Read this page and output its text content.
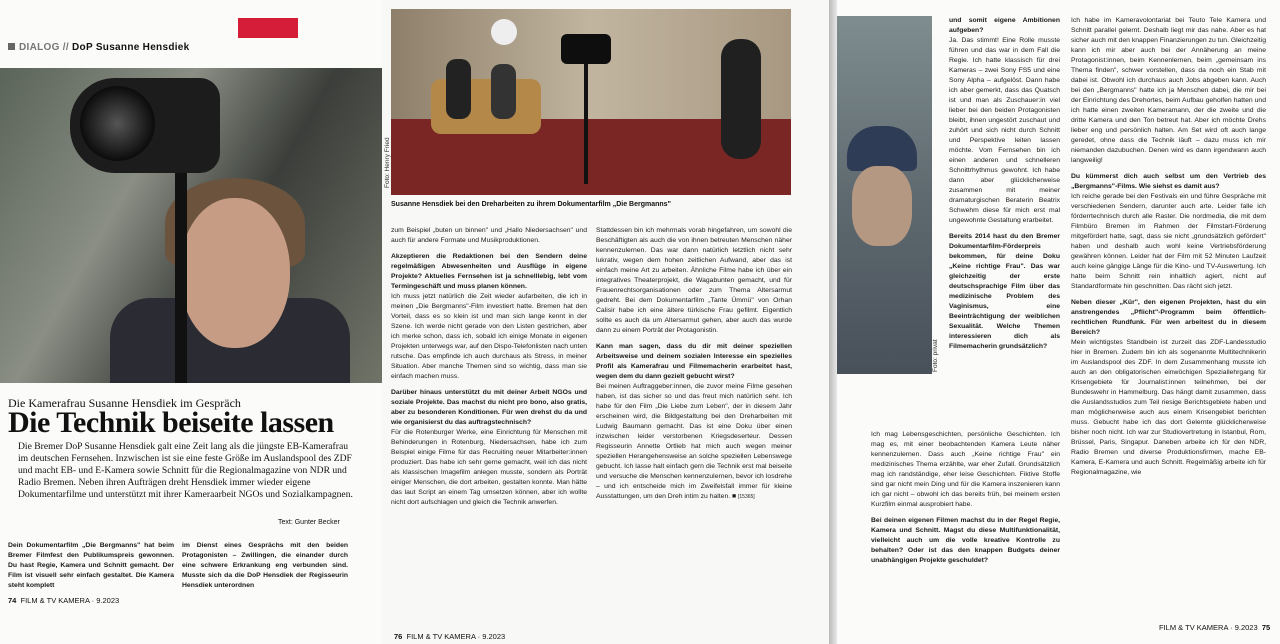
DIALOG // DoP Susanne Hensdiek
Die Kamerafrau Susanne Hensdiek im Gespräch
Die Technik beiseite lassen
Die Bremer DoP Susanne Hensdiek galt eine Zeit lang als die jüngste EB-Kamerafrau im deutschen Fernsehen. Inzwischen ist sie eine feste Größe im Auslandspool des ZDF und macht EB- und E-Kamera sowie Schnitt für die Regionalmagazine von NDR und Radio Bremen. Neben ihren Aufträgen dreht Hensdiek immer wieder eigene Dokumentarfilme und unterstützt mit ihrer Kameraarbeit NGOs und Sozialkampagnen.
Text: Gunter Becker
Dein Dokumentarfilm „Die Bergmanns" hat beim Bremer Filmfest den Publikumspreis gewonnen. Du hast Regie, Kamera und Schnitt gemacht. Der Film ist visuell sehr einfach gestaltet. Die Kamera steht komplett
im Dienst eines Gesprächs mit den beiden Protagonisten – Zwillingen, die einander durch eine schwere Erkrankung eng verbunden sind. Musste sich da die DoP Hensdiek der Regisseurin Hensdiek unterordnen
74 FILM & TV KAMERA · 9.2023
Foto: Henry Fried
Susanne Hensdiek bei den Dreharbeiten zu ihrem Dokumentarfilm „Die Bergmanns"
zum Beispiel „buten un binnen" und „Hallo Niedersachsen" und auch für andere Formate und Musikproduktionen.
Akzeptieren die Redaktionen bei den Sendern deine regelmäßigen Abwesenheiten und Ausflüge in eigene Projekte? Aktuelles Fernsehen ist ja schnelllebig, lebt vom Termingeschäft und muss planen können.
Ich muss jetzt natürlich die Zeit wieder aufarbeiten, die ich in meinen „Die Bergmanns"-Film investiert hatte. Bremen hat den Vorteil, dass es so klein ist und man sich lange kennt in der Szene. Ich werde nicht gerade von den Listen gestrichen, aber ich merke schon, dass ich, sobald ich einige Monate in eigenen Projekten unterwegs war, auf den Dispo-Telefonlisten nach unten rutsche. Das empfinde ich auch durchaus als Stress, in meiner Situation. Aber manche Themen sind so wichtig, dass man sie einfach machen muss.
Darüber hinaus unterstützt du mit deiner Arbeit NGOs und soziale Projekte. Das machst du nicht pro bono, also gratis, aber zu besonderen Konditionen. Für wen drehst du da und wie organisierst du das auftragstechnisch?
Für die Rotenburger Werke, eine Einrichtung für Menschen mit Behinderungen in Rotenburg, Niedersachsen, habe ich zum Beispiel einige Filme für das Recruiting neuer Mitarbeiter:innen produziert. Das habe ich sehr gerne gemacht, weil ich das nicht als klassischen Imagefilm anlegen musste, sondern als Porträt einiger Menschen, die dort arbeiten, gestalten konnte. Man hätte das laut Script an einem Tag umsetzen können, aber ich wollte nicht dort aufschlagen und gleich die Technik anwerfen.
Stattdessen bin ich mehrmals vorab hingefahren, um sowohl die Beschäftigten als auch die von ihnen betreuten Menschen näher kennenzulernen. Das war dann natürlich letztlich nicht sehr lukrativ, wegen dem hohen zeitlichen Aufwand, aber das ist einfach meine Art zu arbeiten. Ähnliche Filme habe ich über ein integratives Theaterprojekt, die Wagabunten gemacht, und für Frauenrechtsorganisationen oder zum Thema Altersarmut gedreht. Bei dem Dokumentarfilm „Tante Ümmü" von Orhan Calisir habe ich eine ältere türkische Frau gefilmt. Eigentlich sollte es auch da um Altersarmut gehen, aber auch das wurde dann zu einem Porträt der Protagonistin.
Kann man sagen, dass du dir mit deiner speziellen Arbeitsweise und deinem sozialen Interesse ein spezielles Profil als Kamerafrau und Filmemacherin erarbeitet hast, wegen dem du dann gezielt gebucht wirst?
Bei meinen Auftraggeber:innen, die zuvor meine Filme gesehen haben, ist das sicher so und das freut mich natürlich sehr. Ich habe für den Film „Die Liebe zum Leben", der in diesem Jahr erscheinen wird, die Bildgestaltung bei den Dreharbeiten mit Ludwig Baumann gemacht. Das ist eine Doku über einen inzwischen leider verstorbenen Kriegsdeserteur. Dessen Regisseurin Annette Ortlieb hat mich auch wegen meiner speziellen Herangehensweise an solche speziellen Lebenswege gebucht. Ich lasse halt einfach gern die Technik erst mal beiseite und versuche die Menschen kennenzulernen, bevor ich losdrehe – und ich entscheide mich im Zweifelsfall immer für kleine Ausstattungen, um den Dreh intim zu halten. ■ [15365]
76 FILM & TV KAMERA · 9.2023
Foto: privat
und somit eigene Ambitionen aufgeben?
Ja. Das stimmt! Eine Rolle musste führen und das war in dem Fall die Regie. Ich hatte klassisch für drei Kameras – zwei Sony FS5 und eine Sony Alpha – aufgelöst. Dann habe ich aber gemerkt, dass das Quatsch ist und man als Zuschauer:in viel lieber bei den beiden Protagonisten bleibt, ihnen ungestört zuschaut und zuhört und sich nicht durch Schnitt und Perspektive leiten lassen möchte. Vom Fernsehen bin ich einen anderen und schnelleren Schnittrhythmus gewohnt. Ich habe dann aber glücklicherweise zusammen mit meiner dramaturgischen Beraterin Beatrix Schwehm diese für mich erst mal ungewohnte Gestaltung erarbeitet.
Bereits 2014 hast du den Bremer Dokumentarfilm-Förderpreis bekommen, für deine Doku „Keine richtige Frau". Das war gleichzeitig der erste deutschsprachige Film über das medizinische Problem des Vaginismus, eine Beeinträchtigung der weiblichen Sexualität. Welche Themen interessieren dich als Filmemacherin grundsätzlich?
Ich mag Lebensgeschichten, persönliche Geschichten. Ich mag es, mit einer beobachtenden Kamera Leute näher kennenzulernen. Dass auch „Keine richtige Frau" ein medizinisches Thema erzählte, war eher Zufall. Grundsätzlich mag ich randständige, eher leise Geschichten. Fiktive Stoffe sind gar nicht mein Ding und für die Kamera inszenieren kann ich gar nicht – obwohl ich das bereits früh, bei meinem ersten Kurzfilm einmal ausprobiert habe.
Bei deinen eigenen Filmen machst du in der Regel Regie, Kamera und Schnitt. Magst du diese Multifunktionalität, vielleicht auch um die volle kreative Kontrolle zu behalten? Oder ist das den knappen Budgets deiner unabhängigen Projekte geschuldet?
Ich habe im Kameravolontariat bei Teuto Tele Kamera und Schnitt parallel gelernt. Deshalb liegt mir das nahe. Aber es hat sicher auch mit den knappen Finanzierungen zu tun. Gleichzeitig kann ich mir aber auch bei der Annäherung an meine Protagonist:innen, beim Kennenlernen, beim „gemeinsam ins Thema finden", schwer vorstellen, dass da noch ein Stab mit dabei ist. Obwohl ich durchaus auch Jobs abgeben kann. Auch bei den „Bergmanns" hatte ich ja Menschen dabei, die mir bei der Einrichtung des Drehortes, beim Aufbau geholfen hatten und ich hatte einen zweiten Kameramann, der die zweite und die dritte Kamera und den Ton betreut hat. Aber ich möchte Drehs lieber eng und persönlich halten. Am Set wird oft auch lange geredet, ohne dass die Technik läuft – dazu muss ich mir niemanden dazubuchen. Denen wird es dann irgendwann auch langweilig!
Du kümmerst dich auch selbst um den Vertrieb des „Bergmanns"-Films. Wie siehst es damit aus?
Ich reiche gerade bei den Festivals ein und führe Gespräche mit verschiedenen Sendern, darunter auch arte. Leider falle ich förderrtechnisch durch alle Raster. Die nordmedia, die mit dem Filmbüro Bremen im Rahmen der Filmstart-Förderung mitgefördert hatte, sagt, dass sie nicht „grundsätzlich gefördert" haben und deshalb auch wohl keine Vertriebsförderung gewähren können. Leider hat der Film mit 52 Minuten Laufzeit auch keine gängige Länge für die Kino- und TV-Auswertung. Ich hatte beim Schnitt rein inhaltlich agiert, nicht auf Standardformate hin geschnitten. Das rächt sich jetzt.
Neben dieser „Kür", den eigenen Projekten, hast du ein anstrengendes „Pflicht"-Programm beim öffentlich-rechtlichen Rundfunk. Für wen arbeitest du in diesem Bereich?
Mein wichtigstes Standbein ist zurzeit das ZDF-Landesstudio hier in Bremen. Zudem bin ich als sogenannte Multitechnikerin im Auslandspool des ZDF. In dem Zusammenhang musste ich auch an den obligatorischen einwöchigen Speziallehrgang für Krisengebiete für Journalist:innen teilnehmen, bei der Bundeswehr in Hammelburg. Das hängt damit zusammen, dass die Auslandsstudios zum Teil riesige Berichtsgebiete haben und man möglicherweise auch aus einem Krisengebiet berichten muss. Gebucht habe ich das dort Gelernte glücklicherweise bisher noch nicht. Ich war zur Studiovertretung in Istanbul, Rom, Brüssel, Paris, Singapur. Daneben arbeite ich für den NDR, Radio Bremen und diverse Produktionsfirmen, mache EB-Kamera, E-Kamera und auch Schnitt. Regelmäßig arbeite ich für Regionalmagazine, wie
FILM & TV KAMERA · 9.2023 75
